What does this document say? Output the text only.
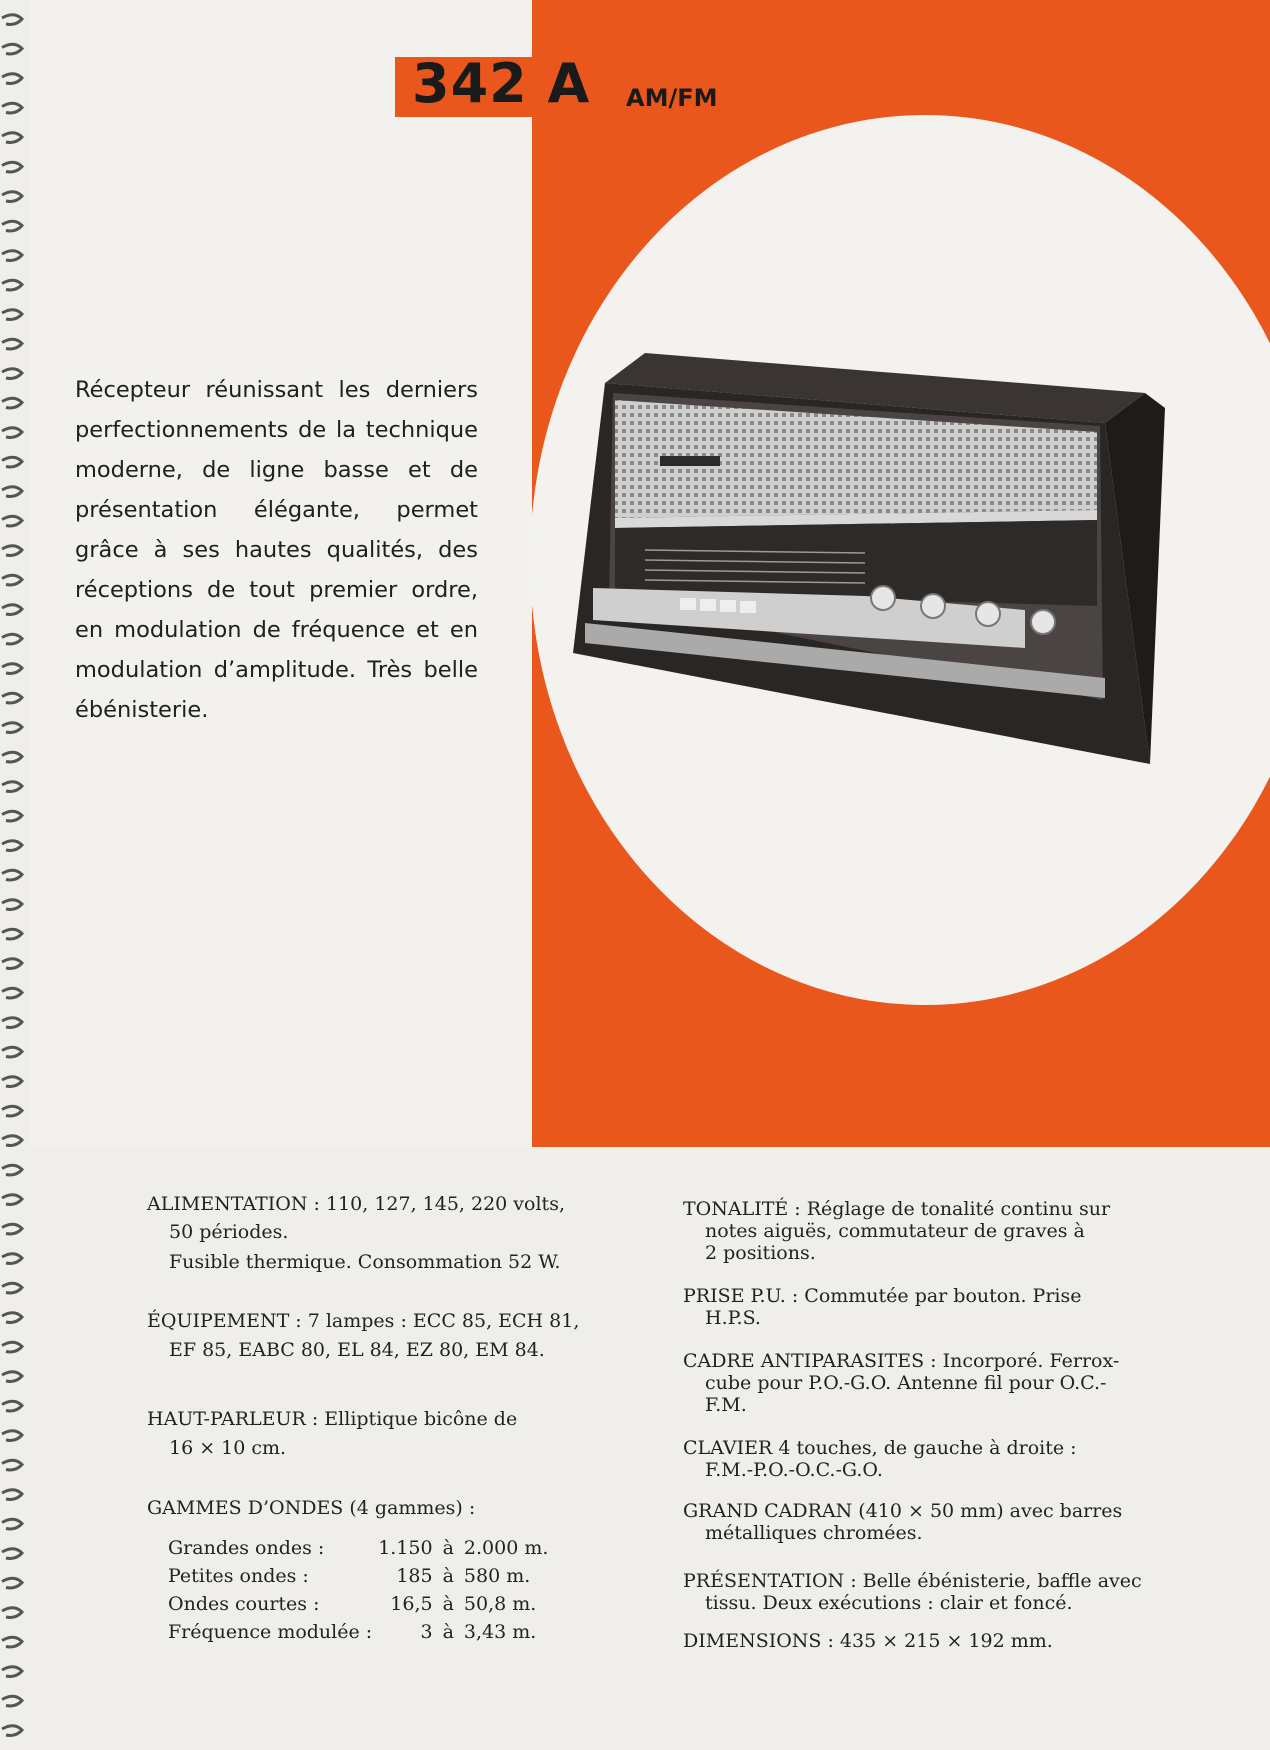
342 A AM/FM
Récepteur réunissant les derniers perfectionnements de la technique moderne, de ligne basse et de présentation élégante, permet grâce à ses hautes qualités, des réceptions de tout premier ordre, en modulation de fréquence et en modulation d’amplitude. Très belle ébénisterie.
ALIMENTATION : 110, 127, 145, 220 volts,
50 périodes.
Fusible thermique. Consommation 52 W.
ÉQUIPEMENT : 7 lampes : ECC 85, ECH 81,
EF 85, EABC 80, EL 84, EZ 80, EM 84.
HAUT-PARLEUR : Elliptique bicône de
16 × 10 cm.
GAMMES D’ONDES (4 gammes) :
Grandes ondes :	1.150	à	2.000 m.
Petites ondes :	185	à	580 m.
Ondes courtes :	16,5	à	50,8 m.
Fréquence modulée :	3	à	3,43 m.
TONALITÉ : Réglage de tonalité continu sur
notes aiguës, commutateur de graves à
2 positions.
PRISE P.U. : Commutée par bouton. Prise
H.P.S.
CADRE ANTIPARASITES : Incorporé. Ferrox-
cube pour P.O.-G.O. Antenne fil pour O.C.-
F.M.
CLAVIER 4 touches, de gauche à droite :
F.M.-P.O.-O.C.-G.O.
GRAND CADRAN (410 × 50 mm) avec barres
métalliques chromées.
PRÉSENTATION : Belle ébénisterie, baffle avec
tissu. Deux exécutions : clair et foncé.
DIMENSIONS : 435 × 215 × 192 mm.
